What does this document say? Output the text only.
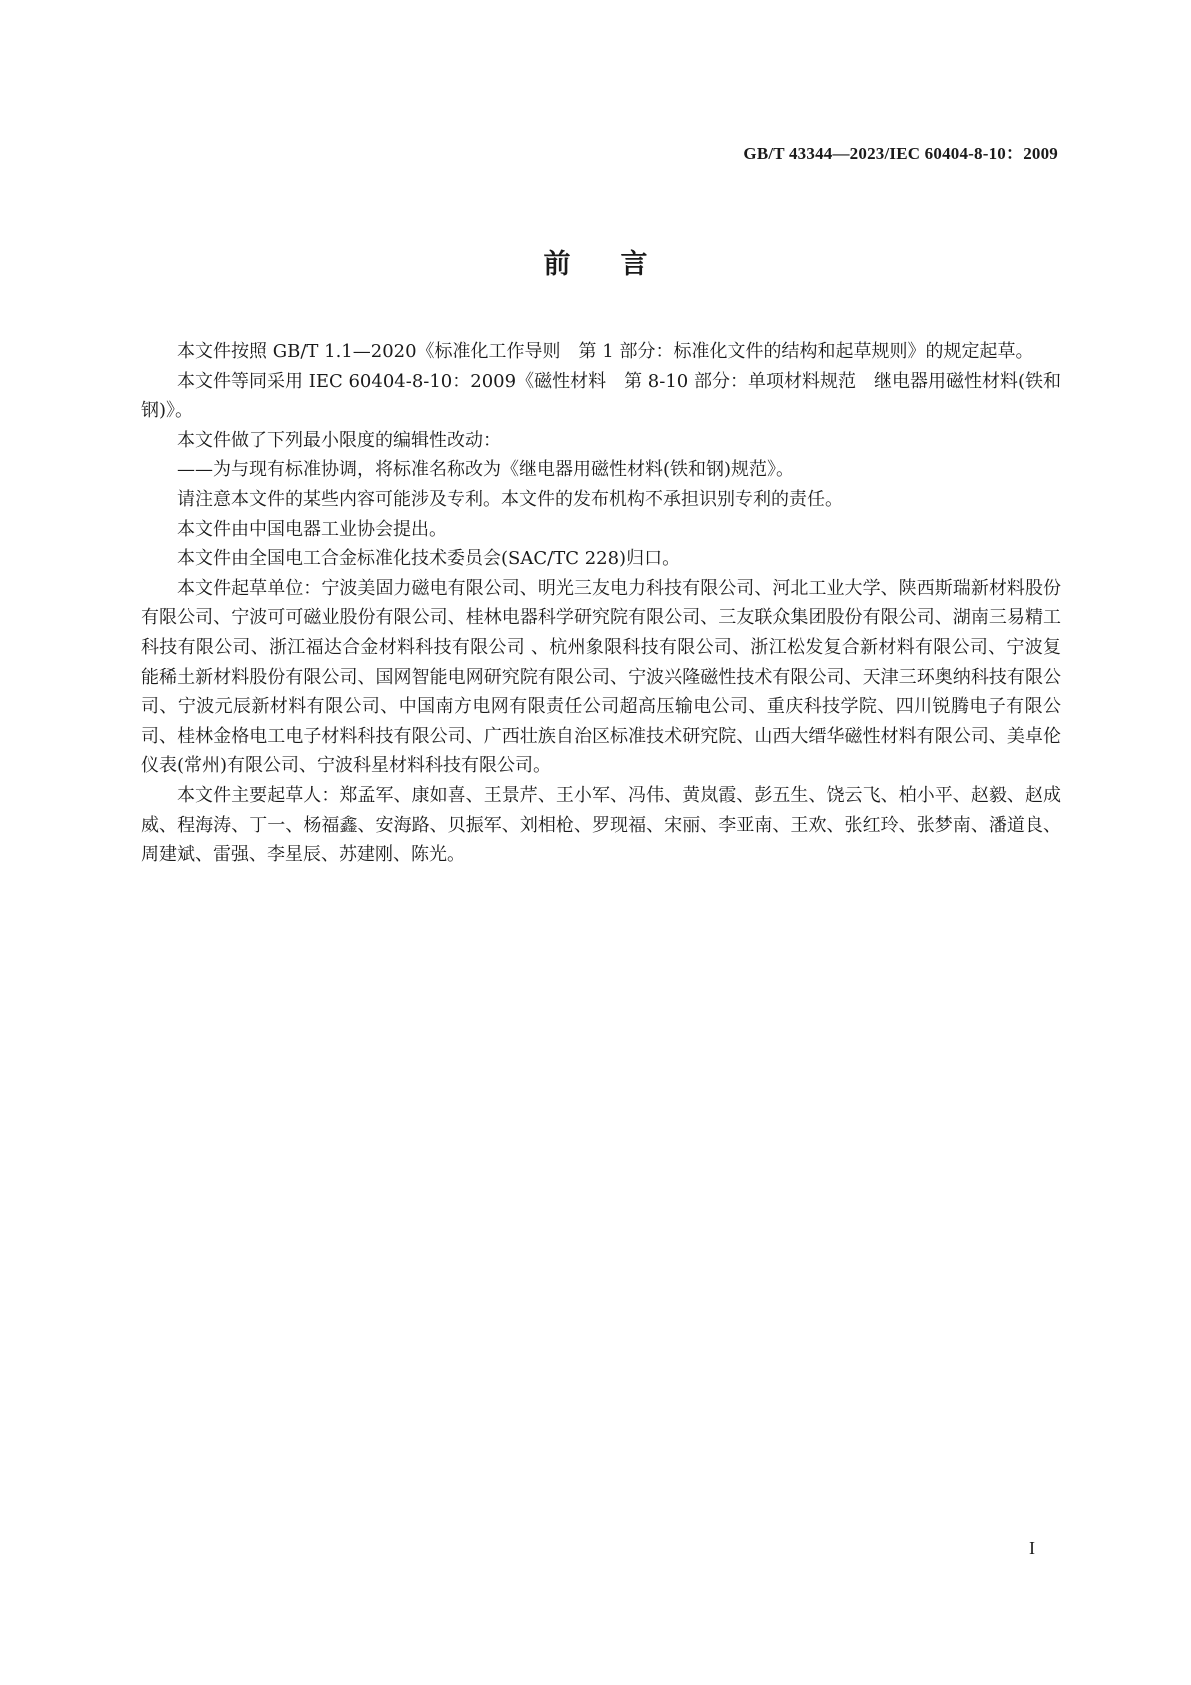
GB/T 43344—2023/IEC 60404-8-10：2009
前言

本文件按照 GB/T 1.1—2020《标准化工作导则　第 1 部分：标准化文件的结构和起草规则》的规定起草。

本文件等同采用 IEC 60404-8-10：2009《磁性材料　第 8-10 部分：单项材料规范　继电器用磁性材料(铁和钢)》。

本文件做了下列最小限度的编辑性改动：

——为与现有标准协调，将标准名称改为《继电器用磁性材料(铁和钢)规范》。

请注意本文件的某些内容可能涉及专利。本文件的发布机构不承担识别专利的责任。

本文件由中国电器工业协会提出。

本文件由全国电工合金标准化技术委员会(SAC/TC 228)归口。

本文件起草单位：宁波美固力磁电有限公司、明光三友电力科技有限公司、河北工业大学、陕西斯瑞新材料股份有限公司、宁波可可磁业股份有限公司、桂林电器科学研究院有限公司、三友联众集团股份有限公司、湖南三易精工科技有限公司、浙江福达合金材料科技有限公司 、杭州象限科技有限公司、浙江松发复合新材料有限公司、宁波复能稀土新材料股份有限公司、国网智能电网研究院有限公司、宁波兴隆磁性技术有限公司、天津三环奥纳科技有限公司、宁波元辰新材料有限公司、中国南方电网有限责任公司超高压输电公司、重庆科技学院、四川锐腾电子有限公司、桂林金格电工电子材料科技有限公司、广西壮族自治区标准技术研究院、山西大缙华磁性材料有限公司、美卓伦仪表(常州)有限公司、宁波科星材料科技有限公司。

本文件主要起草人：郑孟军、康如喜、王景芹、王小军、冯伟、黄岚霞、彭五生、饶云飞、柏小平、赵毅、赵成威、程海涛、丁一、杨福鑫、安海路、贝振军、刘相枪、罗现福、宋丽、李亚南、王欢、张红玲、张梦南、潘道良、周建斌、雷强、李星辰、苏建刚、陈光。

I
